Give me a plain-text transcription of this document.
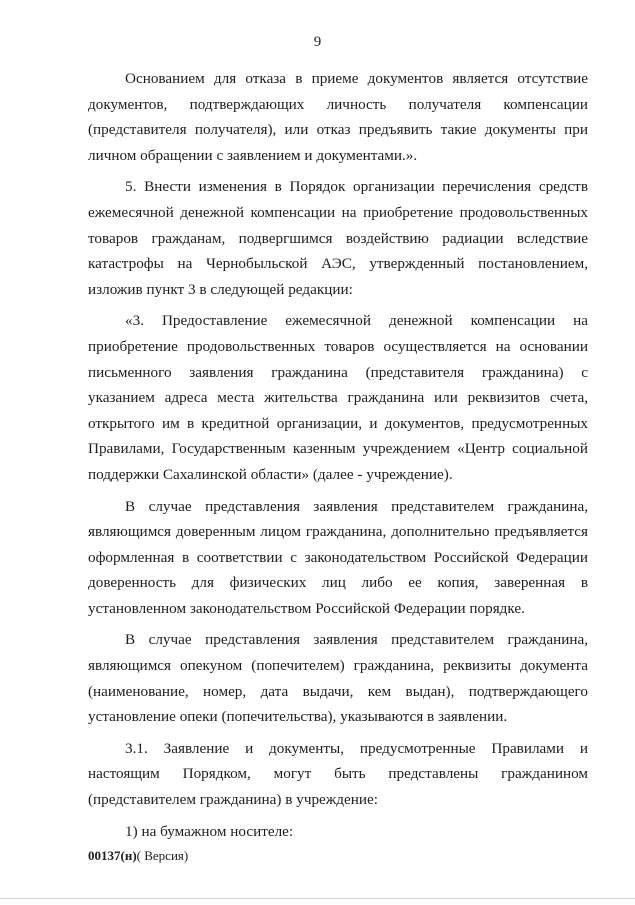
9

Основанием для отказа в приеме документов является отсутствие документов, подтверждающих личность получателя компенсации (представителя получателя), или отказ предъявить такие документы при личном обращении с заявлением и документами.».

5. Внести изменения в Порядок организации перечисления средств ежемесячной денежной компенсации на приобретение продовольственных товаров гражданам, подвергшимся воздействию радиации вследствие катастрофы на Чернобыльской АЭС, утвержденный постановлением, изложив пункт 3 в следующей редакции:

«3. Предоставление ежемесячной денежной компенсации на приобретение продовольственных товаров осуществляется на основании письменного заявления гражданина (представителя гражданина) с указанием адреса места жительства гражданина или реквизитов счета, открытого им в кредитной организации, и документов, предусмотренных Правилами, Государственным казенным учреждением «Центр социальной поддержки Сахалинской области» (далее - учреждение).

В случае представления заявления представителем гражданина, являющимся доверенным лицом гражданина, дополнительно предъявляется оформленная в соответствии с законодательством Российской Федерации доверенность для физических лиц либо ее копия, заверенная в установленном законодательством Российской Федерации порядке.

В случае представления заявления представителем гражданина, являющимся опекуном (попечителем) гражданина, реквизиты документа (наименование, номер, дата выдачи, кем выдан), подтверждающего установление опеки (попечительства), указываются в заявлении.

3.1. Заявление и документы, предусмотренные Правилами и настоящим Порядком, могут быть представлены гражданином (представителем гражданина) в учреждение:

1) на бумажном носителе:

00137(н)( Версия)
